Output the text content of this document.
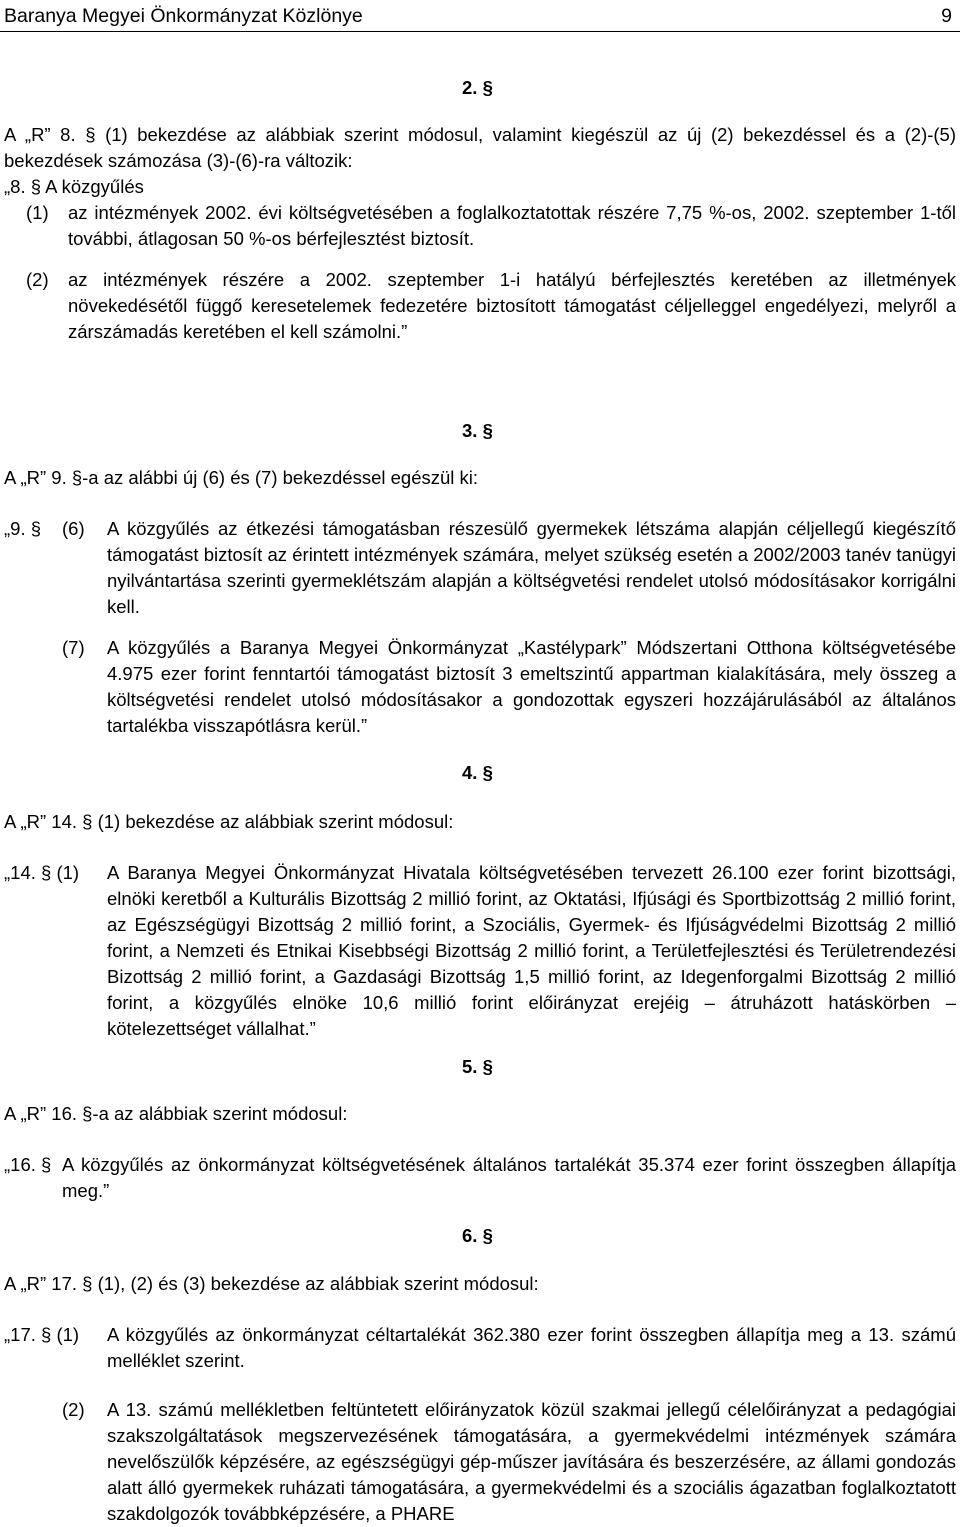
Baranya Megyei Önkormányzat Közlönye	9
2. §

A „R” 8. § (1) bekezdése az alábbiak szerint módosul, valamint kiegészül az új (2) bekezdéssel és a (2)-(5) bekezdések számozása (3)-(6)-ra változik:

„8. § A közgyűlés
(1) az intézmények 2002. évi költségvetésében a foglalkoztatottak részére 7,75 %-os, 2002. szeptember 1-től további, átlagosan 50 %-os bérfejlesztést biztosít.

(2) az intézmények részére a 2002. szeptember 1-i hatályú bérfejlesztés keretében az illetmények növekedésétől függő keresetelemek fedezetére biztosított támogatást céljelleggel engedélyezi, melyről a zárszámadás keretében el kell számolni.”

3. §

A „R” 9. §-a az alábbi új (6) és (7) bekezdéssel egészül ki:

„9. § (6) A közgyűlés az étkezési támogatásban részesülő gyermekek létszáma alapján céljellegű kiegészítő támogatást biztosít az érintett intézmények számára, melyet szükség esetén a 2002/2003 tanév tanügyi nyilvántartása szerinti gyermeklétszám alapján a költségvetési rendelet utolsó módosításakor korrigálni kell.

(7) A közgyűlés a Baranya Megyei Önkormányzat „Kastélypark” Módszertani Otthona költségvetésébe 4.975 ezer forint fenntartói támogatást biztosít 3 emeltszintű appartman kialakítására, mely összeg a költségvetési rendelet utolsó módosításakor a gondozottak egyszeri hozzájárulásából az általános tartalékba visszapótlásra kerül.”

4. §

A „R” 14. § (1) bekezdése az alábbiak szerint módosul:

„14. § (1) A Baranya Megyei Önkormányzat Hivatala költségvetésében tervezett 26.100 ezer forint bizottsági, elnöki keretből a Kulturális Bizottság 2 millió forint, az Oktatási, Ifjúsági és Sportbizottság 2 millió forint, az Egészségügyi Bizottság 2 millió forint, a Szociális, Gyermek- és Ifjúságvédelmi Bizottság 2 millió forint, a Nemzeti és Etnikai Kisebbségi Bizottság 2 millió forint, a Területfejlesztési és Területrendezési Bizottság 2 millió forint, a Gazdasági Bizottság 1,5 millió forint, az Idegenforgalmi Bizottság 2 millió forint, a közgyűlés elnöke 10,6 millió forint előirányzat erejéig – átruházott hatáskörben – kötelezettséget vállalhat.”

5. §

A „R” 16. §-a az alábbiak szerint módosul:

„16. § A közgyűlés az önkormányzat költségvetésének általános tartalékát 35.374 ezer forint összegben állapítja meg.”

6. §

A „R” 17. § (1), (2) és (3) bekezdése az alábbiak szerint módosul:

„17. § (1) A közgyűlés az önkormányzat céltartalékát 362.380 ezer forint összegben állapítja meg a 13. számú melléklet szerint.

(2) A 13. számú mellékletben feltüntetett előirányzatok közül szakmai jellegű célelőirányzat a pedagógiai szakszolgáltatások megszervezésének támogatására, a gyermekvédelmi intézmények számára nevelőszülők képzésére, az egészségügyi gép-műszer javítására és beszerzésére, az állami gondozás alatt álló gyermekek ruházati támogatására, a gyermekvédelmi és a szociális ágazatban foglalkoztatott szakdolgozók továbbképzésére, a PHARE
